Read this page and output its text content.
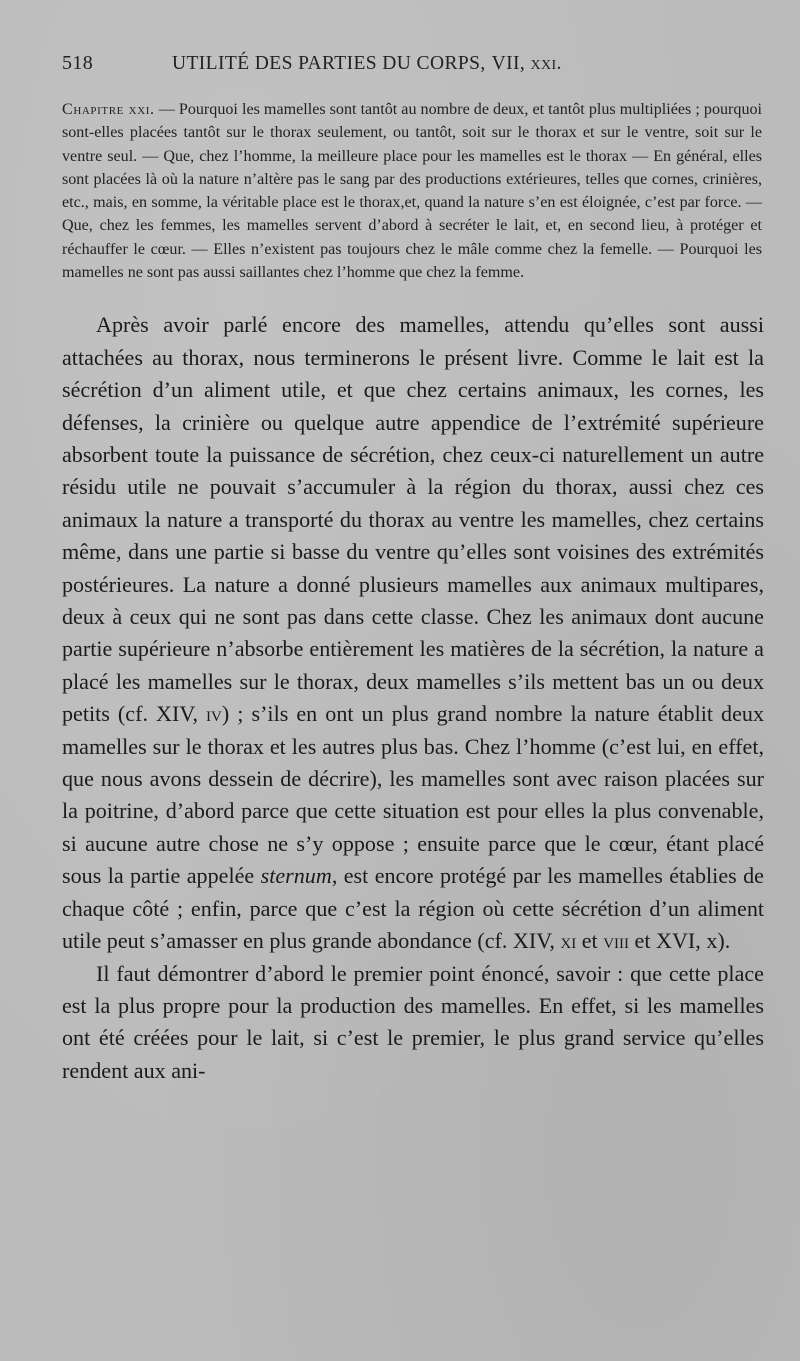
518	UTILITÉ DES PARTIES DU CORPS, VII, xxi.
Chapitre xxi. — Pourquoi les mamelles sont tantôt au nombre de deux, et tantôt plus multipliées ; pourquoi sont-elles placées tantôt sur le thorax seulement, ou tantôt, soit sur le thorax et sur le ventre, soit sur le ventre seul. — Que, chez l’homme, la meilleure place pour les mamelles est le thorax — En général, elles sont placées là où la nature n’altère pas le sang par des productions extérieures, telles que cornes, crinières, etc., mais, en somme, la véritable place est le thorax,et, quand la nature s’en est éloignée, c’est par force. — Que, chez les femmes, les mamelles servent d’abord à secréter le lait, et, en second lieu, à protéger et réchauffer le cœur. — Elles n’existent pas toujours chez le mâle comme chez la femelle. — Pourquoi les mamelles ne sont pas aussi saillantes chez l’homme que chez la femme.

Après avoir parlé encore des mamelles, attendu qu’elles sont aussi attachées au thorax, nous terminerons le présent livre. Comme le lait est la sécrétion d’un aliment utile, et que chez certains animaux, les cornes, les défenses, la crinière ou quelque autre appendice de l’extrémité supérieure absorbent toute la puissance de sécrétion, chez ceux-ci naturellement un autre résidu utile ne pouvait s’accumuler à la région du thorax, aussi chez ces animaux la nature a transporté du thorax au ventre les mamelles, chez certains même, dans une partie si basse du ventre qu’elles sont voisines des extrémités postérieures. La nature a donné plusieurs mamelles aux animaux multipares, deux à ceux qui ne sont pas dans cette classe. Chez les animaux dont aucune partie supérieure n’absorbe entièrement les matières de la sécrétion, la nature a placé les mamelles sur le thorax, deux mamelles s’ils mettent bas un ou deux petits (cf. XIV, iv) ; s’ils en ont un plus grand nombre la nature établit deux mamelles sur le thorax et les autres plus bas. Chez l’homme (c’est lui, en effet, que nous avons dessein de décrire), les mamelles sont avec raison placées sur la poitrine, d’abord parce que cette situation est pour elles la plus convenable, si aucune autre chose ne s’y oppose ; ensuite parce que le cœur, étant placé sous la partie appelée sternum, est encore protégé par les mamelles établies de chaque côté ; enfin, parce que c’est la région où cette sécrétion d’un aliment utile peut s’amasser en plus grande abondance (cf. XIV, xi et viii et XVI, x).

Il faut démontrer d’abord le premier point énoncé, savoir : que cette place est la plus propre pour la production des mamelles. En effet, si les mamelles ont été créées pour le lait, si c’est le premier, le plus grand service qu’elles rendent aux ani-
